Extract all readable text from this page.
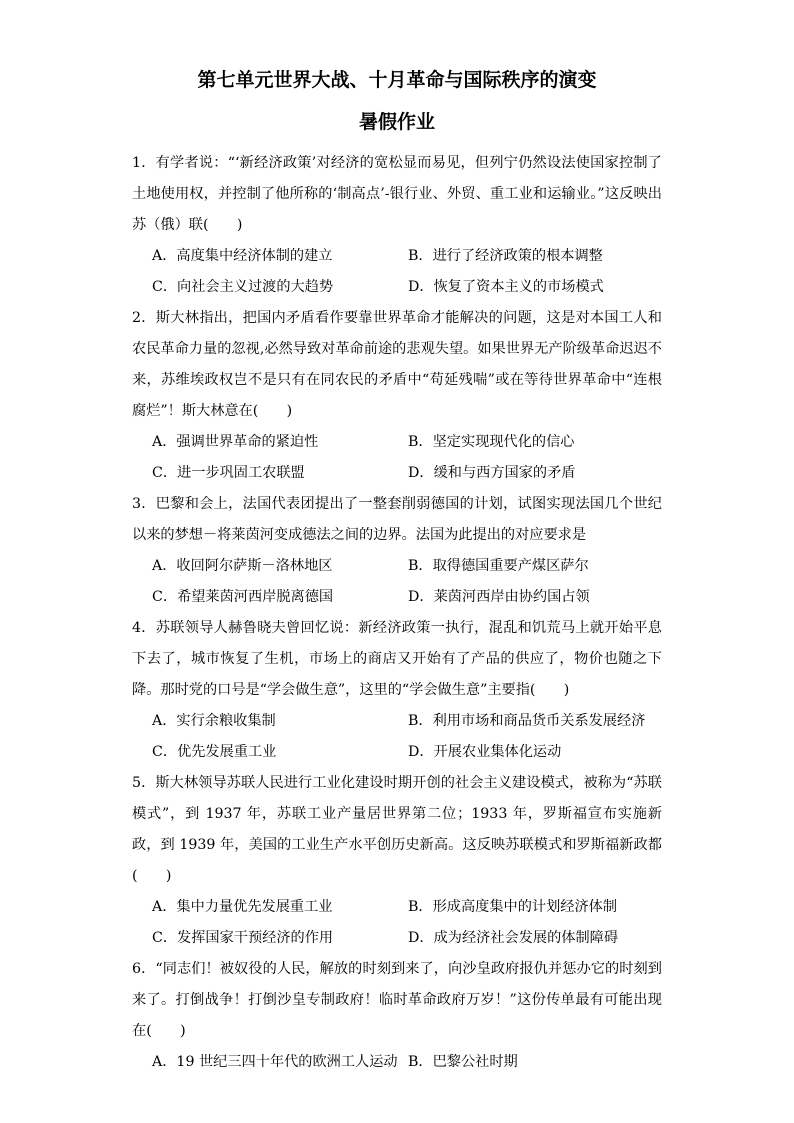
第七单元世界大战、十月革命与国际秩序的演变
暑假作业

1．有学者说：“‘新经济政策’对经济的宽松显而易见，但列宁仍然设法使国家控制了土地使用权，并控制了他所称的‘制高点’-银行业、外贸、重工业和运输业。”这反映出苏（俄）联(　　)

A．高度集中经济体制的建立	B．进行了经济政策的根本调整
C．向社会主义过渡的大趋势	D．恢复了资本主义的市场模式

2．斯大林指出，把国内矛盾看作要靠世界革命才能解决的问题，这是对本国工人和农民革命力量的忽视,必然导致对革命前途的悲观失望。如果世界无产阶级革命迟迟不来，苏维埃政权岂不是只有在同农民的矛盾中“苟延残喘”或在等待世界革命中“连根腐烂”！斯大林意在(　　)

A．强调世界革命的紧迫性	B．坚定实现现代化的信心
C．进一步巩固工农联盟	D．缓和与西方国家的矛盾

3．巴黎和会上，法国代表团提出了一整套削弱德国的计划，试图实现法国几个世纪以来的梦想－将莱茵河变成德法之间的边界。法国为此提出的对应要求是

A．收回阿尔萨斯－洛林地区	B．取得德国重要产煤区萨尔
C．希望莱茵河西岸脱离德国	D．莱茵河西岸由协约国占领

4．苏联领导人赫鲁晓夫曾回忆说：新经济政策一执行，混乱和饥荒马上就开始平息下去了，城市恢复了生机，市场上的商店又开始有了产品的供应了，物价也随之下降。那时党的口号是“学会做生意”，这里的“学会做生意”主要指(　　)

A．实行余粮收集制	B．利用市场和商品货币关系发展经济
C．优先发展重工业	D．开展农业集体化运动

5．斯大林领导苏联人民进行工业化建设时期开创的社会主义建设模式，被称为“苏联模式”，到 1937 年，苏联工业产量居世界第二位；1933 年，罗斯福宣布实施新政，到 1939 年，美国的工业生产水平创历史新高。这反映苏联模式和罗斯福新政都(　　)

A．集中力量优先发展重工业	B．形成高度集中的计划经济体制
C．发挥国家干预经济的作用	D．成为经济社会发展的体制障碍

6．“同志们！被奴役的人民，解放的时刻到来了，向沙皇政府报仇并惩办它的时刻到来了。打倒战争！打倒沙皇专制政府！临时革命政府万岁！”这份传单最有可能出现在(　　)

A．19 世纪三四十年代的欧洲工人运动 B．巴黎公社时期
